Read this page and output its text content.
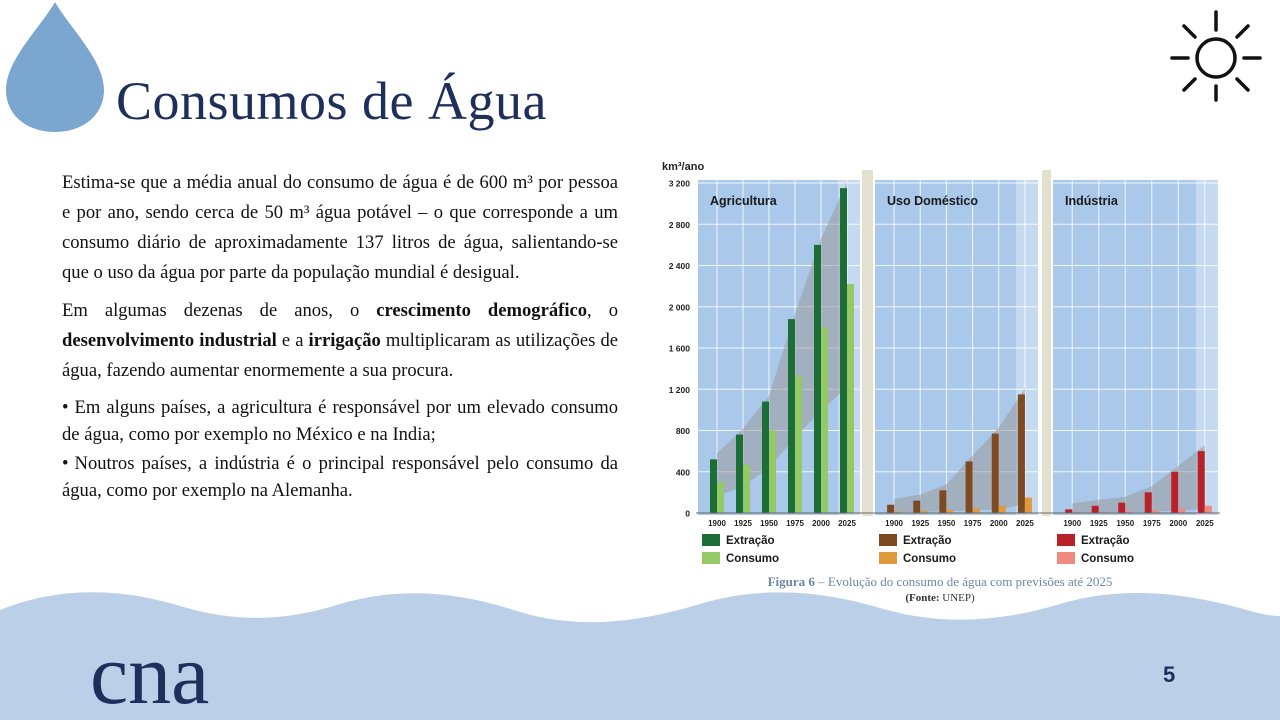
Consumos de Água

Estima-se que a média anual do consumo de água é de 600 m³ por pessoa e por ano, sendo cerca de 50 m³ água potável – o que corresponde a um consumo diário de aproximadamente 137 litros de água, salientando-se que o uso da água por parte da população mundial é desigual.

Em algumas dezenas de anos, o crescimento demográfico, o desenvolvimento industrial e a irrigação multiplicaram as utilizações de água, fazendo aumentar enormemente a sua procura.

• Em alguns países, a agricultura é responsável por um elevado consumo de água, como por exemplo no México e na India;
• Noutros países, a indústria é o principal responsável pelo consumo da água, como por exemplo na Alemanha.
km³/ano
0
400
800
1 200
1 600
2 000
2 400
2 800
3 200
1900 1925 1950 1975 2000 2025
Agricultura
Extração
Consumo
1900 1925 1950 1975 2000 2025
Uso Doméstico
Extração
Consumo
1900 1925 1950 1975 2000 2025
Indústria
Extração
Consumo
Figura 6 – Evolução do consumo de água com previsões até 2025
(Fonte: UNEP)
cna	5
